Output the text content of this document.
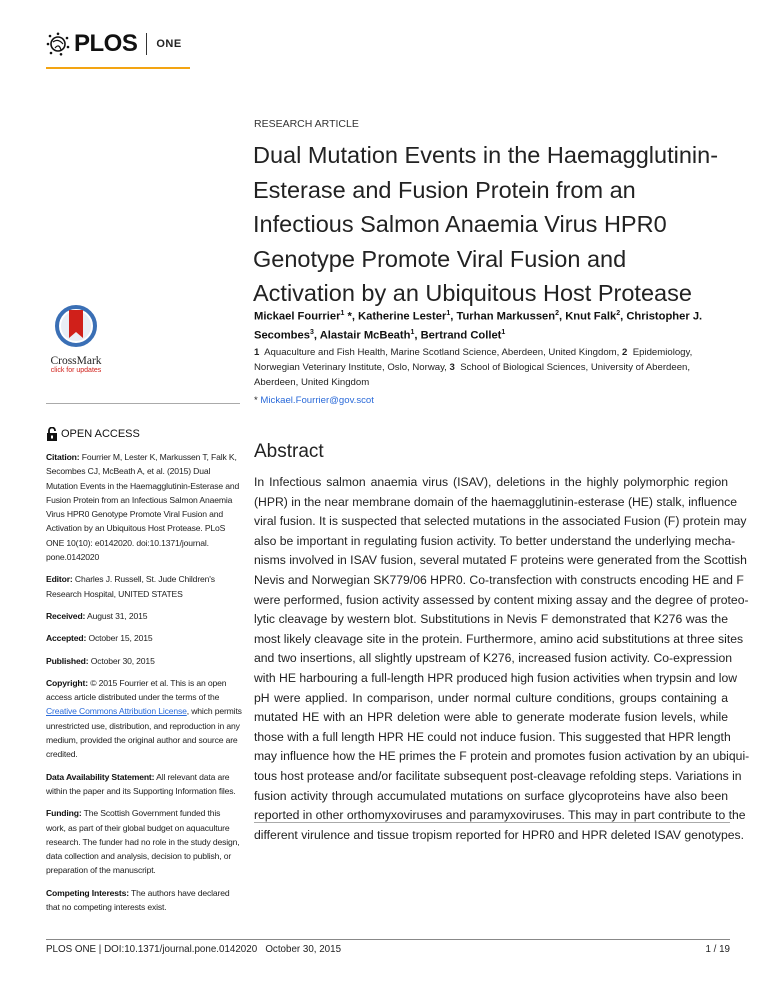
PLOS ONE
CrossMark
click for updates
RESEARCH ARTICLE
Dual Mutation Events in the Haemagglutinin-
Esterase and Fusion Protein from an
Infectious Salmon Anaemia Virus HPR0
Genotype Promote Viral Fusion and
Activation by an Ubiquitous Host Protease
Mickael Fourrier$^1$ *, Katherine Lester$^1$, Turhan Markussen$^2$, Knut Falk$^2$, Christopher J. Secombes$^3$, Alastair McBeath$^1$, Bertrand Collet$^1$
1 Aquaculture and Fish Health, Marine Scotland Science, Aberdeen, United Kingdom, 2 Epidemiology, Norwegian Veterinary Institute, Oslo, Norway, 3 School of Biological Sciences, University of Aberdeen, Aberdeen, United Kingdom
* Mickael.Fourrier@gov.scot
OPEN ACCESS

Citation: Fourrier M, Lester K, Markussen T, Falk K, Secombes CJ, McBeath A, et al. (2015) Dual Mutation Events in the Haemagglutinin-Esterase and Fusion Protein from an Infectious Salmon Anaemia Virus HPR0 Genotype Promote Viral Fusion and Activation by an Ubiquitous Host Protease. PLoS ONE 10(10): e0142020. doi:10.1371/journal. pone.0142020

Editor: Charles J. Russell, St. Jude Children's Research Hospital, UNITED STATES

Received: August 31, 2015

Accepted: October 15, 2015

Published: October 30, 2015

Copyright: © 2015 Fourrier et al. This is an open access article distributed under the terms of the Creative Commons Attribution License, which permits unrestricted use, distribution, and reproduction in any medium, provided the original author and source are credited.

Data Availability Statement: All relevant data are within the paper and its Supporting Information files.

Funding: The Scottish Government funded this work, as part of their global budget on aquaculture research. The funder had no role in the study design, data collection and analysis, decision to publish, or preparation of the manuscript.

Competing Interests: The authors have declared that no competing interests exist.

Abstract
In Infectious salmon anaemia virus (ISAV), deletions in the highly polymorphic region
(HPR) in the near membrane domain of the haemagglutinin-esterase (HE) stalk, influence
viral fusion. It is suspected that selected mutations in the associated Fusion (F) protein may
also be important in regulating fusion activity. To better understand the underlying mecha-
nisms involved in ISAV fusion, several mutated F proteins were generated from the Scottish
Nevis and Norwegian SK779/06 HPR0. Co-transfection with constructs encoding HE and F
were performed, fusion activity assessed by content mixing assay and the degree of proteo-
lytic cleavage by western blot. Substitutions in Nevis F demonstrated that K276 was the
most likely cleavage site in the protein. Furthermore, amino acid substitutions at three sites
and two insertions, all slightly upstream of K276, increased fusion activity. Co-expression
with HE harbouring a full-length HPR produced high fusion activities when trypsin and low
pH were applied. In comparison, under normal culture conditions, groups containing a
mutated HE with an HPR deletion were able to generate moderate fusion levels, while
those with a full length HPR HE could not induce fusion. This suggested that HPR length
may influence how the HE primes the F protein and promotes fusion activation by an ubiqui-
tous host protease and/or facilitate subsequent post-cleavage refolding steps. Variations in
fusion activity through accumulated mutations on surface glycoproteins have also been
reported in other orthomyxoviruses and paramyxoviruses. This may in part contribute to the
different virulence and tissue tropism reported for HPR0 and HPR deleted ISAV genotypes.
PLOS ONE | DOI:10.1371/journal.pone.0142020 October 30, 2015	1 / 19
